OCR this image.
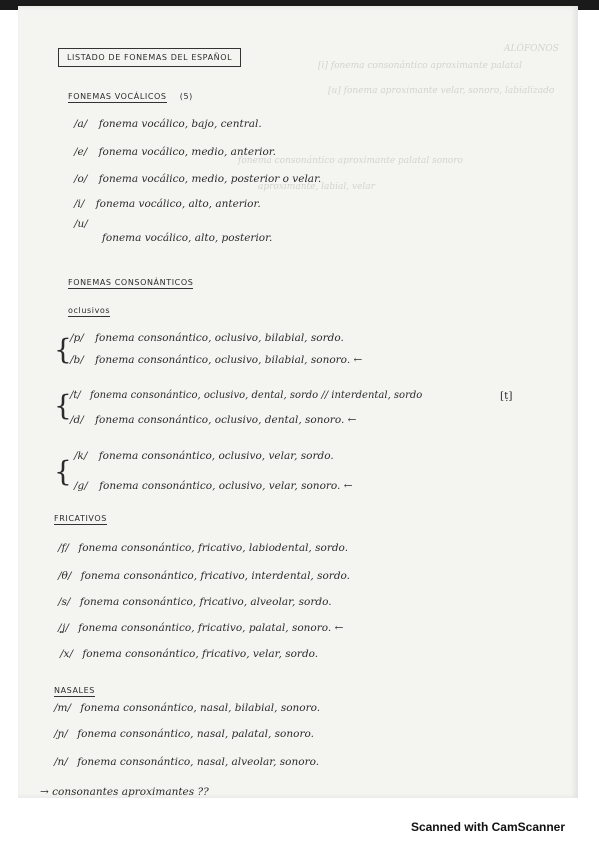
ALÓFONOS
[i] fonema consonántico aproximante palatal
[u] fonema aproximante velar, sonoro, labializado
fonema consonántico aproximante palatal sonoro
aproximante, labial, velar
LISTADO DE FONEMAS DEL ESPAÑOL
FONEMAS VOCÁLICOS (5)
/a/ fonema vocálico, bajo, central.
/e/ fonema vocálico, medio, anterior.
/o/ fonema vocálico, medio, posterior o velar.
/i/ fonema vocálico, alto, anterior.
/u/
fonema vocálico, alto, posterior.
FONEMAS CONSONÁNTICOS
oclusivos
{
/p/ fonema consonántico, oclusivo, bilabial, sordo.
/b/ fonema consonántico, oclusivo, bilabial, sonoro. ←
{
/t/ fonema consonántico, oclusivo, dental, sordo // interdental, sordo	[ṭ]
/d/ fonema consonántico, oclusivo, dental, sonoro. ←
{ /k/ fonema consonántico, oclusivo, velar, sordo.
/g/ fonema consonántico, oclusivo, velar, sonoro. ←
FRICATIVOS
/f/ fonema consonántico, fricativo, labiodental, sordo.
/θ/ fonema consonántico, fricativo, interdental, sordo.
/s/ fonema consonántico, fricativo, alveolar, sordo.
/ʝ/ fonema consonántico, fricativo, palatal, sonoro. ←
/x/ fonema consonántico, fricativo, velar, sordo.
NASALES
/m/ fonema consonántico, nasal, bilabial, sonoro.
/ɲ/ fonema consonántico, nasal, palatal, sonoro.
/n/ fonema consonántico, nasal, alveolar, sonoro.
→ consonantes aproximantes ??
Scanned with CamScanner
